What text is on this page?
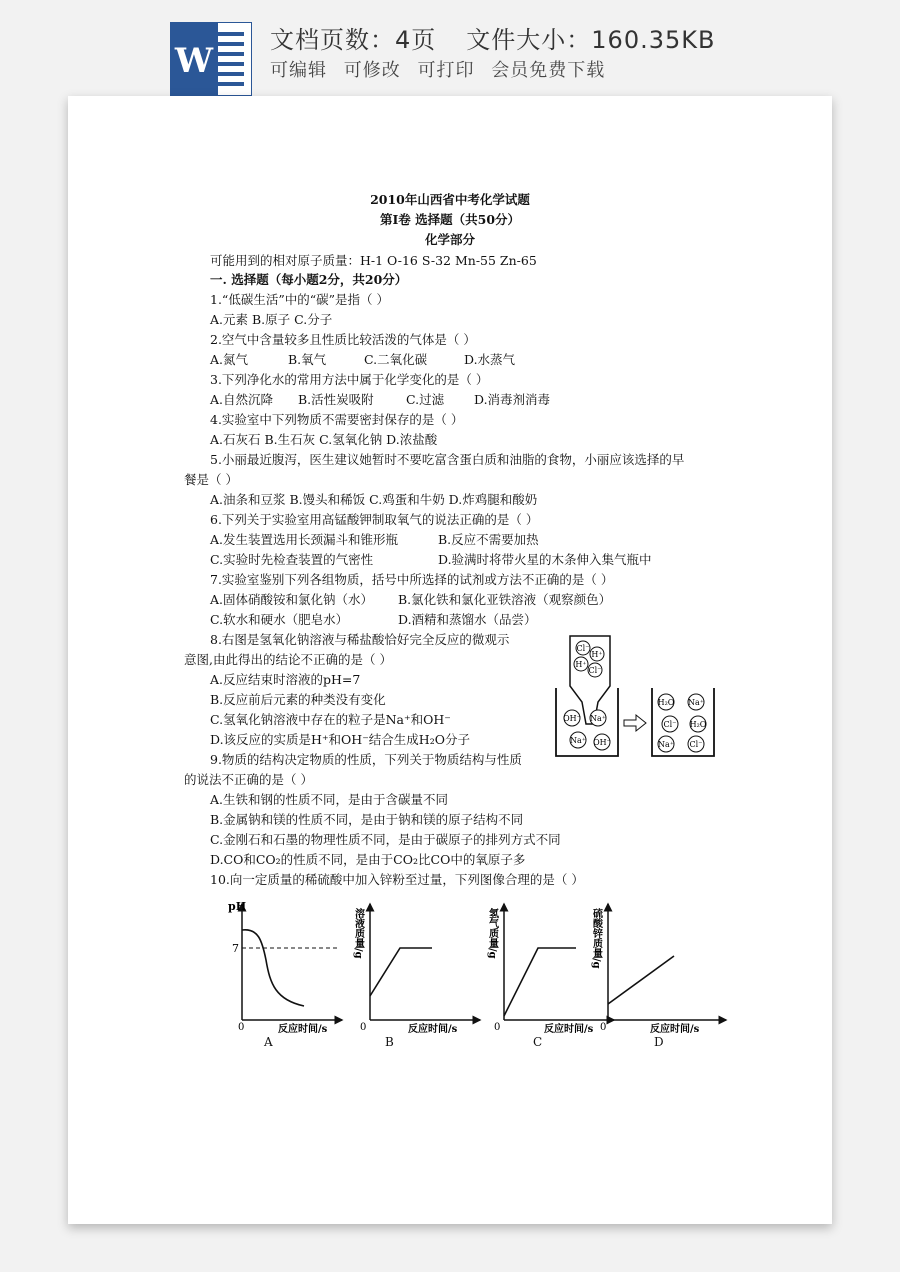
W
文档页数：4页 文件大小：160.35KB
可编辑 可修改 可打印 会员免费下载
2010年山西省中考化学试题
第Ⅰ卷 选择题（共50分）
化学部分
可能用到的相对原子质量：H-1 O-16 S-32 Mn-55 Zn-65
一. 选择题（每小题2分，共20分）
1.“低碳生活”中的“碳”是指（ ）
A.元素 B.原子 C.分子
2.空气中含量较多且性质比较活泼的气体是（ ）
A.氮气	B.氧气	C.二氧化碳	D.水蒸气
3.下列净化水的常用方法中属于化学变化的是（ ）
A.自然沉降 B.活性炭吸附	C.过滤 D.消毒剂消毒
4.实验室中下列物质不需要密封保存的是（ ）
A.石灰石 B.生石灰 C.氢氧化钠 D.浓盐酸
5.小丽最近腹泻，医生建议她暂时不要吃富含蛋白质和油脂的食物，小丽应该选择的早
餐是（ ）
A.油条和豆浆 B.馒头和稀饭 C.鸡蛋和牛奶 D.炸鸡腿和酸奶
6.下列关于实验室用高锰酸钾制取氧气的说法正确的是（ ）
A.发生装置选用长颈漏斗和锥形瓶	B.反应不需要加热
C.实验时先检查装置的气密性	D.验满时将带火星的木条伸入集气瓶中
7.实验室鉴别下列各组物质，括号中所选择的试剂或方法不正确的是（ ）
A.固体硝酸铵和氯化钠（水） B.氯化铁和氯化亚铁溶液（观察颜色）
C.软水和硬水（肥皂水）	D.酒精和蒸馏水（品尝）
8.右图是氢氧化钠溶液与稀盐酸恰好完全反应的微观示
意图,由此得出的结论不正确的是（ ）
A.反应结束时溶液的pH=7
B.反应前后元素的种类没有变化
C.氢氧化钠溶液中存在的粒子是Na⁺和OH⁻
D.该反应的实质是H⁺和OH⁻结合生成H₂O分子
9.物质的结构决定物质的性质，下列关于物质结构与性质
的说法不正确的是（ ）
A.生铁和钢的性质不同，是由于含碳量不同
B.金属钠和镁的性质不同，是由于钠和镁的原子结构不同
C.金刚石和石墨的物理性质不同，是由于碳原子的排列方式不同
D.CO和CO₂的性质不同，是由于CO₂比CO中的氧原子多
10.向一定质量的稀硫酸中加入锌粉至过量，下列图像合理的是（ ）
Cl⁻
H⁺
H⁺
Cl⁻
OH⁻ Na⁺
Na⁺ OH⁻
H₂O Na⁺
Cl⁻ H₂O
Na⁺ Cl⁻
pH
7
0	反应时间/s
溶液质量/g
0	反应时间/s
氢气质量/g
0	反应时间/s
硫酸锌质量/g
0	反应时间/s
A	B	C	D
